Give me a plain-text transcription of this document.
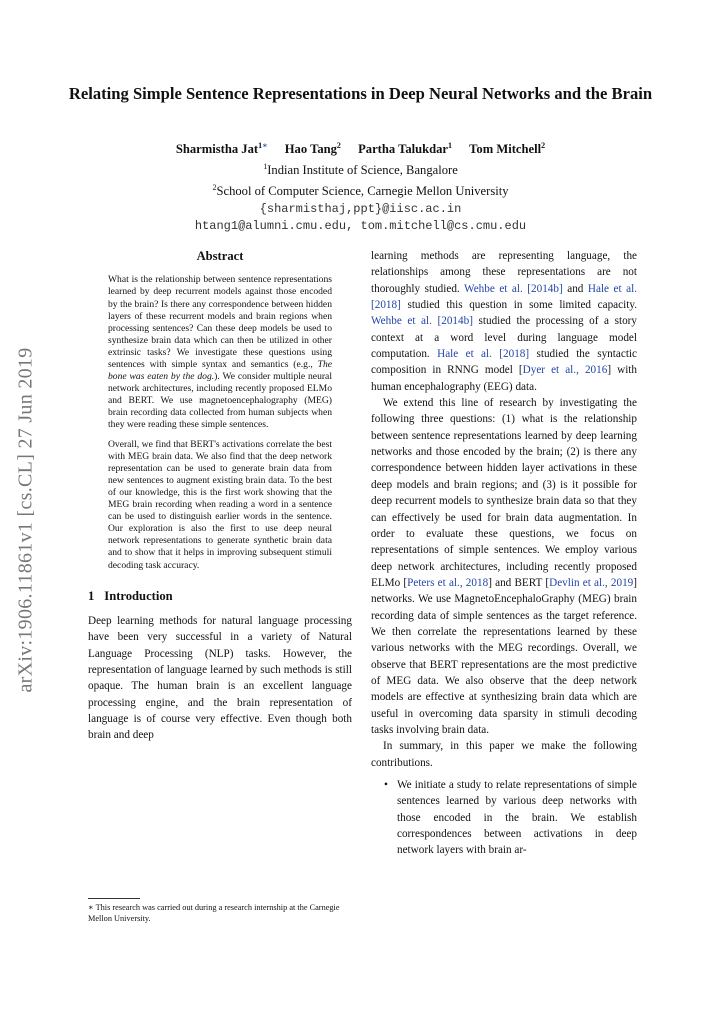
arXiv:1906.11861v1 [cs.CL] 27 Jun 2019
Relating Simple Sentence Representations in Deep Neural Networks and the Brain
Sharmistha Jat$^{1∗}$ Hao Tang$^2$ Partha Talukdar$^1$ Tom Mitchell$^2$
$^1$Indian Institute of Science, Bangalore
$^2$School of Computer Science, Carnegie Mellon University
{sharmisthaj,ppt}@iisc.ac.in
htang1@alumni.cmu.edu, tom.mitchell@cs.cmu.edu
Abstract

What is the relationship between sentence representations learned by deep recurrent models against those encoded by the brain? Is there any correspondence between hidden layers of these recurrent models and brain regions when processing sentences? Can these deep models be used to synthesize brain data which can then be utilized in other extrinsic tasks? We investigate these questions using sentences with simple syntax and semantics (e.g., The bone was eaten by the dog.). We consider multiple neural network architectures, including recently proposed ELMo and BERT. We use magnetoencephalography (MEG) brain recording data collected from human subjects when they were reading these simple sentences.

Overall, we find that BERT's activations correlate the best with MEG brain data. We also find that the deep network representation can be used to generate brain data from new sentences to augment existing brain data. To the best of our knowledge, this is the first work showing that the MEG brain recording when reading a word in a sentence can be used to distinguish earlier words in the sentence. Our exploration is also the first to use deep neural network representations to generate synthetic brain data and to show that it helps in improving subsequent stimuli decoding task accuracy.

1 Introduction

Deep learning methods for natural language processing have been very successful in a variety of Natural Language Processing (NLP) tasks. However, the representation of language learned by such methods is still opaque. The human brain is an excellent language processing engine, and the brain representation of language is of course very effective. Even though both brain and deep

learning methods are representing language, the relationships among these representations are not thoroughly studied. Wehbe et al. [2014b] and Hale et al. [2018] studied this question in some limited capacity. Wehbe et al. [2014b] studied the processing of a story context at a word level during language model computation. Hale et al. [2018] studied the syntactic composition in RNNG model [Dyer et al., 2016] with human encephalography (EEG) data.

We extend this line of research by investigating the following three questions: (1) what is the relationship between sentence representations learned by deep learning networks and those encoded by the brain; (2) is there any correspondence between hidden layer activations in these deep models and brain regions; and (3) is it possible for deep recurrent models to synthesize brain data so that they can effectively be used for brain data augmentation. In order to evaluate these questions, we focus on representations of simple sentences. We employ various deep network architectures, including recently proposed ELMo [Peters et al., 2018] and BERT [Devlin et al., 2019] networks. We use MagnetoEncephaloGraphy (MEG) brain recording data of simple sentences as the target reference. We then correlate the representations learned by these various networks with the MEG recordings. Overall, we observe that BERT representations are the most predictive of MEG data. We also observe that the deep network models are effective at synthesizing brain data which are useful in overcoming data sparsity in stimuli decoding tasks involving brain data.

In summary, in this paper we make the following contributions.

• We initiate a study to relate representations of simple sentences learned by various deep networks with those encoded in the brain. We establish correspondences between activations in deep network layers with brain ar-
∗ This research was carried out during a research internship at the Carnegie Mellon University.
